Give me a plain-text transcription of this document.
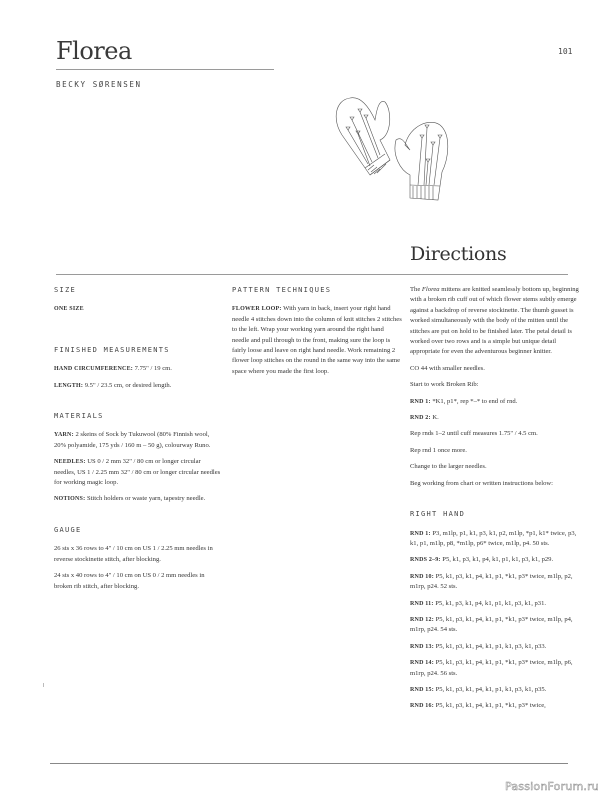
Florea
BECKY SØRENSEN
101
Directions
SIZE

ONE SIZE

FINISHED MEASUREMENTS

HAND CIRCUMFERENCE: 7.75" / 19 cm.

LENGTH: 9.5" / 23.5 cm, or desired length.

MATERIALS

YARN: 2 skeins of Sock by Tukuwool (80% Finnish wool, 20% polyamide, 175 yds / 160 m – 50 g), colourway Runo.

NEEDLES: US 0 / 2 mm 32" / 80 cm or longer circular needles, US 1 / 2.25 mm 32" / 80 cm or longer circular needles for working magic loop.

NOTIONS: Stitch holders or waste yarn, tapestry needle.

GAUGE

26 sts x 36 rows to 4" / 10 cm on US 1 / 2.25 mm needles in reverse stockinette stitch, after blocking.

24 sts x 40 rows to 4" / 10 cm on US 0 / 2 mm needles in broken rib stitch, after blocking.

PATTERN TECHNIQUES

FLOWER LOOP: With yarn in back, insert your right hand needle 4 stitches down into the column of knit stitches 2 stitches to the left. Wrap your working yarn around the right hand needle and pull through to the front, making sure the loop is fairly loose and leave on right hand needle. Work remaining 2 flower loop stitches on the round in the same way into the same space where you made the first loop.

The Florea mittens are knitted seamlessly bottom up, beginning with a broken rib cuff out of which flower stems subtly emerge against a backdrop of reverse stockinette. The thumb gusset is worked simultaneously with the body of the mitten until the stitches are put on hold to be finished later. The petal detail is worked over two rows and is a simple but unique detail appropriate for even the adventurous beginner knitter.

CO 44 with smaller needles.

Start to work Broken Rib:

RND 1: *K1, p1*, rep *–* to end of rnd.

RND 2: K.

Rep rnds 1–2 until cuff measures 1.75" / 4.5 cm.

Rep rnd 1 once more.

Change to the larger needles.

Beg working from chart or written instructions below:

RIGHT HAND

RND 1: P3, m1lp, p1, k1, p3, k1, p2, m1lp, *p1, k1* twice, p3, k1, p1, m1lp, p8, *m1lp, p6* twice, m1lp, p4. 50 sts.

RNDS 2–9: P5, k1, p3, k1, p4, k1, p1, k1, p3, k1, p29.

RND 10: P5, k1, p3, k1, p4, k1, p1, *k1, p3* twice, m1lp, p2, m1rp, p24. 52 sts.

RND 11: P5, k1, p3, k1, p4, k1, p1, k1, p3, k1, p31.

RND 12: P5, k1, p3, k1, p4, k1, p1, *k1, p3* twice, m1lp, p4, m1rp, p24. 54 sts.

RND 13: P5, k1, p3, k1, p4, k1, p1, k1, p3, k1, p33.

RND 14: P5, k1, p3, k1, p4, k1, p1, *k1, p3* twice, m1lp, p6, m1rp, p24. 56 sts.

RND 15: P5, k1, p3, k1, p4, k1, p1, k1, p3, k1, p35.

RND 16: P5, k1, p3, k1, p4, k1, p1, *k1, p3* twice,

PassionForum.ru
